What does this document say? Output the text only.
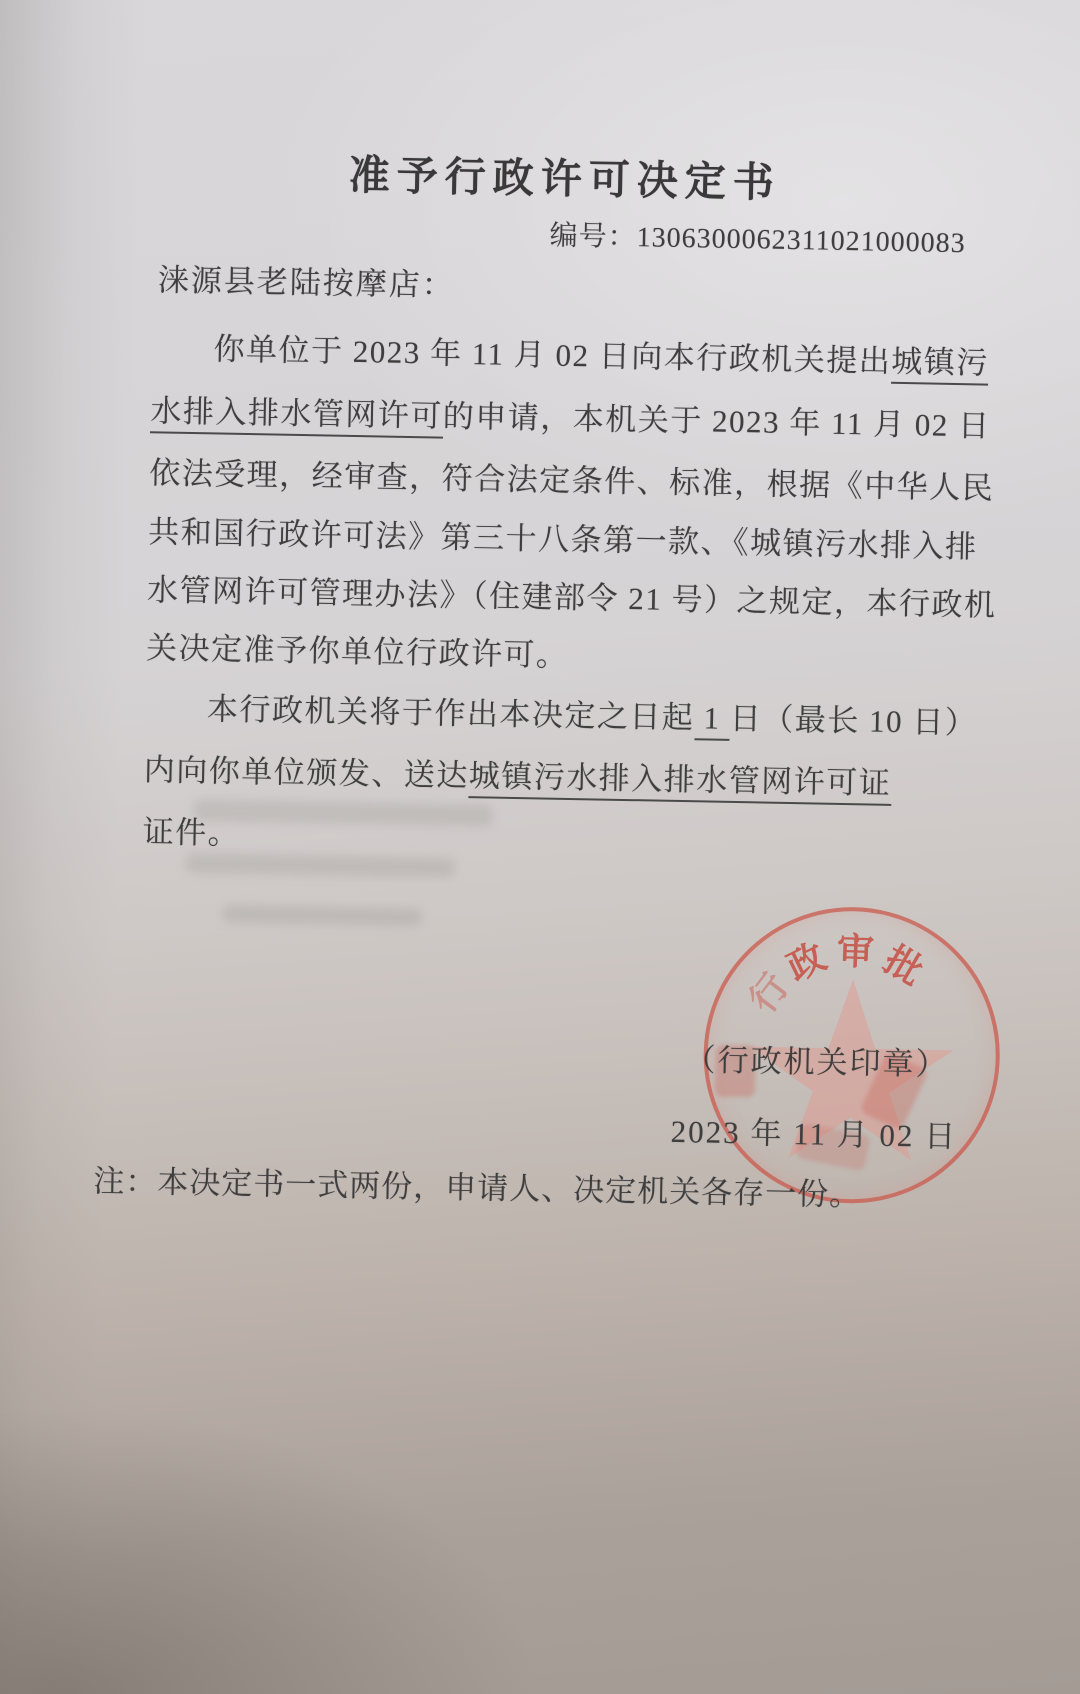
行
政 审 批
准予行政许可决定书
编号：1306300062311021000083
涞源县老陆按摩店：
你单位于 2023 年 11 月 02 日向本行政机关提出城镇污
水排入排水管网许可的申请，本机关于 2023 年 11 月 02 日
依法受理，经审查，符合法定条件、标准，根据《中华人民
共和国行政许可法》第三十八条第一款、《城镇污水排入排
水管网许可管理办法》（住建部令 21 号）之规定，本行政机
关决定准予你单位行政许可。
本行政机关将于作出本决定之日起 1 日（最长 10 日）
内向你单位颁发、送达城镇污水排入排水管网许可证
证件。
（行政机关印章）
2023 年 11 月 02 日
注：本决定书一式两份，申请人、决定机关各存一份。
